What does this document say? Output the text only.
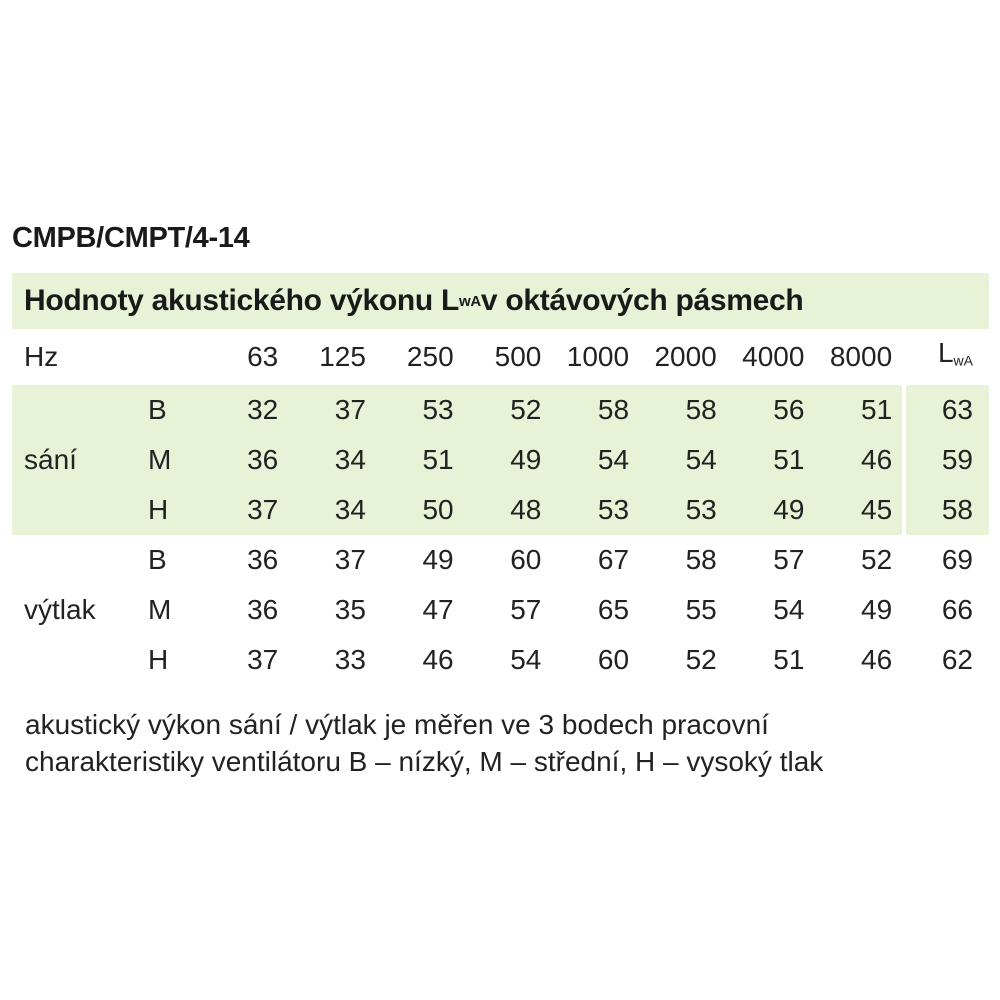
CMPB/CMPT/4-14
Hodnoty akustického výkonu L wA v oktávových pásmech
Hz		63	125	250	500	1000	2000	4000	8000		$L_{wA}$
sání	B	32	37	53	52	58	58	56	51		63
	M	36	34	51	49	54	54	51	46		59
	H	37	34	50	48	53	53	49	45		58
výtlak	B	36	37	49	60	67	58	57	52		69
	M	36	35	47	57	65	55	54	49		66
	H	37	33	46	54	60	52	51	46		62
akustický výkon sání / výtlak je měřen ve 3 bodech pracovní
charakteristiky ventilátoru B – nízký, M – střední, H – vysoký tlak
